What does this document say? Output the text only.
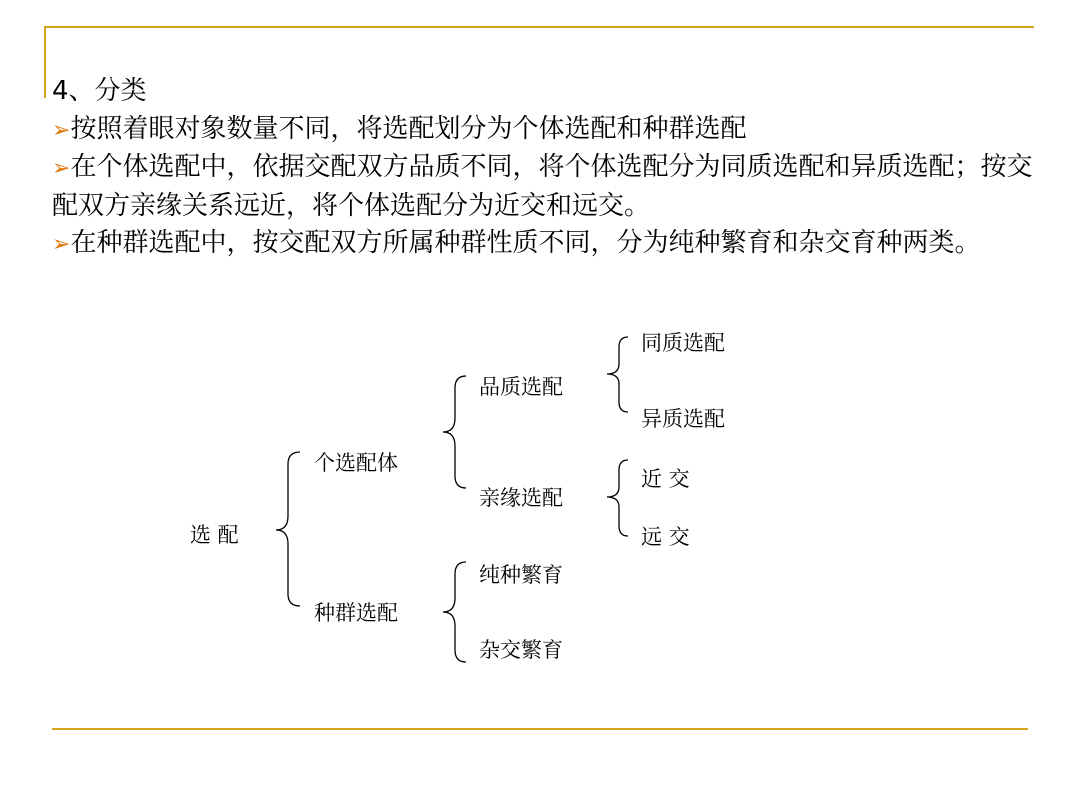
4、分类

➢按照着眼对象数量不同，将选配划分为个体选配和种群选配

➢在个体选配中，依据交配双方品质不同，将个体选配分为同质选配和异质选配；按交配双方亲缘关系远近，将个体选配分为近交和远交。

➢在种群选配中，按交配双方所属种群性质不同，分为纯种繁育和杂交育种两类。

选 配
个选配体
种群选配
品质选配
亲缘选配
同质选配
异质选配
近 交
远 交
纯种繁育
杂交繁育
